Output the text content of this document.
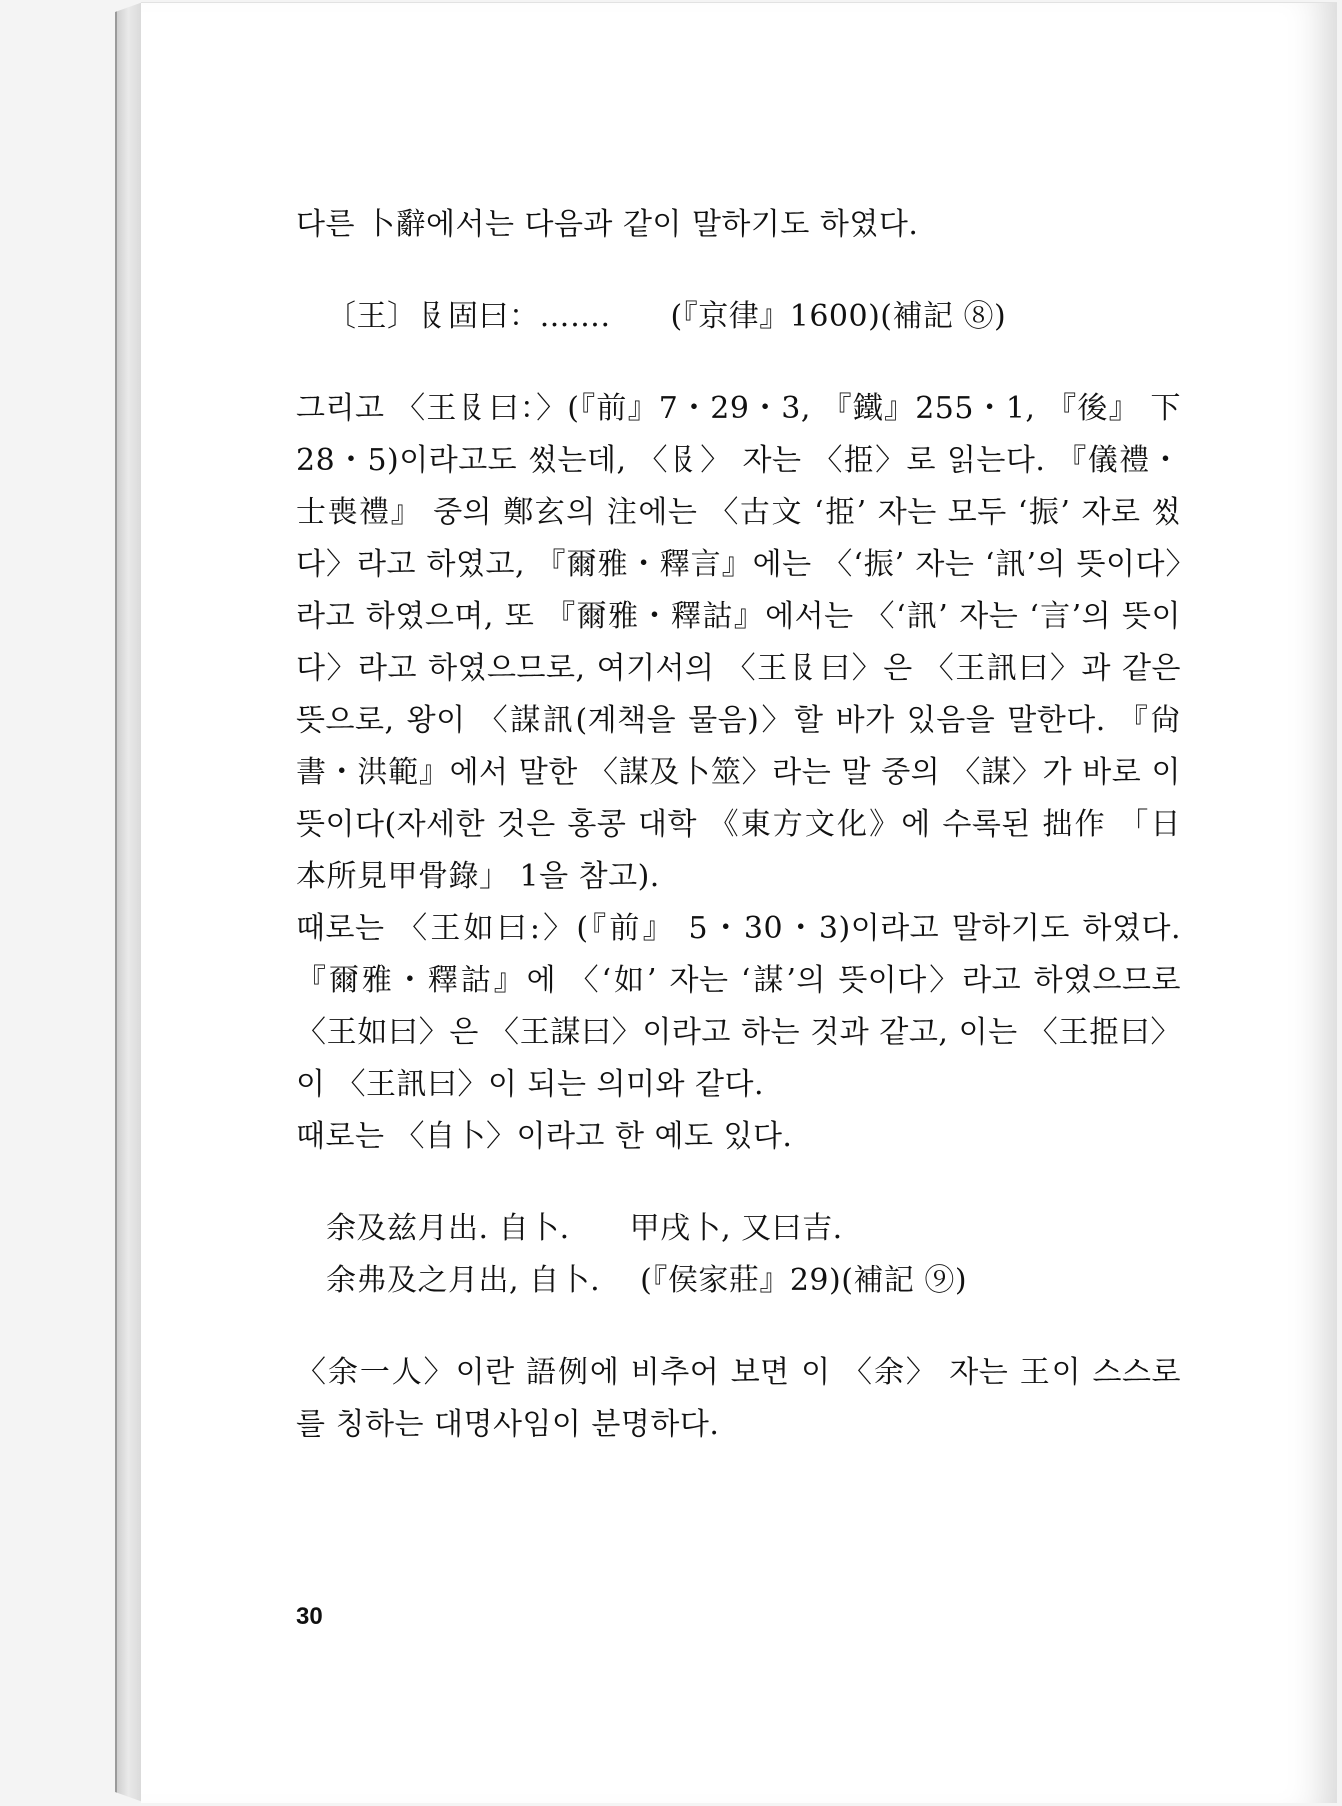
다른 卜辭에서는 다음과 같이 말하기도 하였다.

〔王〕𠬝固曰：……. (『京律』1600)(補記 ⑧)

그리고 〈王𠬝曰：〉(『前』7・29・3, 『鐵』255・1, 『後』 下 28・5)이라고도 썼는데, 〈𠬝〉 자는 〈挋〉로 읽는다. 『儀禮・士喪禮』 중의 鄭玄의 注에는 〈古文 ‘挋’ 자는 모두 ‘振’ 자로 썼다〉라고 하였고, 『爾雅・釋言』에는 〈‘振’ 자는 ‘訊’의 뜻이다〉라고 하였으며, 또 『爾雅・釋詁』에서는 〈‘訊’ 자는 ‘言’의 뜻이다〉라고 하였으므로, 여기서의 〈王𠬝曰〉은 〈王訊曰〉과 같은 뜻으로, 왕이 〈謀訊(계책을 물음)〉할 바가 있음을 말한다. 『尙書・洪範』에서 말한 〈謀及卜筮〉라는 말 중의 〈謀〉가 바로 이 뜻이다(자세한 것은 홍콩 대학 《東方文化》에 수록된 拙作 「日本所見甲骨錄」 1을 참고).

때로는 〈王如曰:〉(『前』 5・30・3)이라고 말하기도 하였다. 『爾雅・釋詁』에 〈‘如’ 자는 ‘謀’의 뜻이다〉라고 하였으므로 〈王如曰〉은 〈王謀曰〉이라고 하는 것과 같고, 이는 〈王挋曰〉이 〈王訊曰〉이 되는 의미와 같다.

때로는 〈自卜〉이라고 한 예도 있다.

余及兹月出. 自卜. 甲戌卜, 又曰吉.

余弗及之月出, 自卜. (『侯家莊』29)(補記 ⑨)

〈余一人〉이란 語例에 비추어 보면 이 〈余〉 자는 王이 스스로를 칭하는 대명사임이 분명하다.

30
